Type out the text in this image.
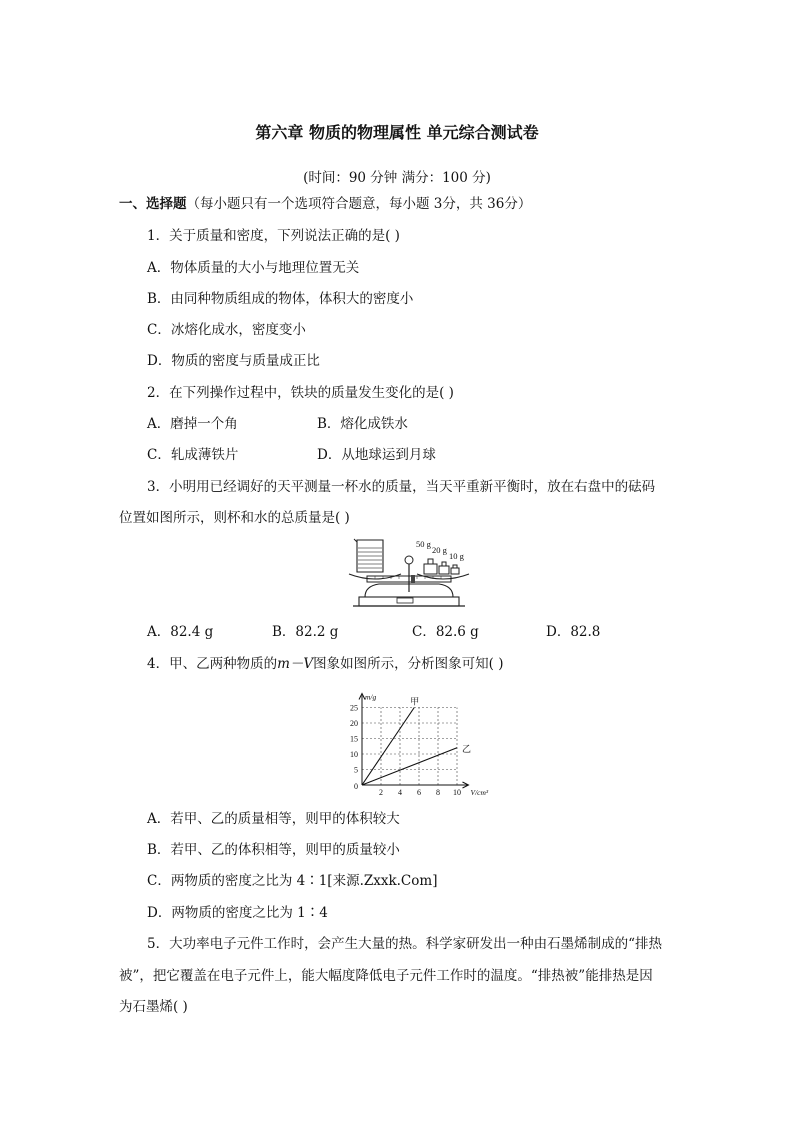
第六章 物质的物理属性 单元综合测试卷
(时间：90 分钟 满分：100 分)
一、选择题（每小题只有一个选项符合题意，每小题 3分，共 36分）
1．关于质量和密度，下列说法正确的是( )
A．物体质量的大小与地理位置无关
B．由同种物质组成的物体，体积大的密度小
C．冰熔化成水，密度变小
D．物质的密度与质量成正比
2．在下列操作过程中，铁块的质量发生变化的是( )
A．磨掉一个角	B．熔化成铁水
C．轧成薄铁片	D．从地球运到月球
3．小明用已经调好的天平测量一杯水的质量，当天平重新平衡时，放在右盘中的砝码
位置如图所示，则杯和水的总质量是( )
50 g
20 g
10 g
A．82.4 g	B．82.2 g	C．82.6 g	D．82.8
4．甲、乙两种物质的m－V图象如图所示，分析图象可知( )
2 4 6 8 10
5
10
15
20
25
0
V/cm³
m/g	甲
乙
A．若甲、乙的质量相等，则甲的体积较大
B．若甲、乙的体积相等，则甲的质量较小
C．两物质的密度之比为 4∶1[来源.Zxxk.Com]
D．两物质的密度之比为 1∶4
5．大功率电子元件工作时，会产生大量的热。科学家研发出一种由石墨烯制成的“排热
被”，把它覆盖在电子元件上，能大幅度降低电子元件工作时的温度。“排热被”能排热是因
为石墨烯( )
